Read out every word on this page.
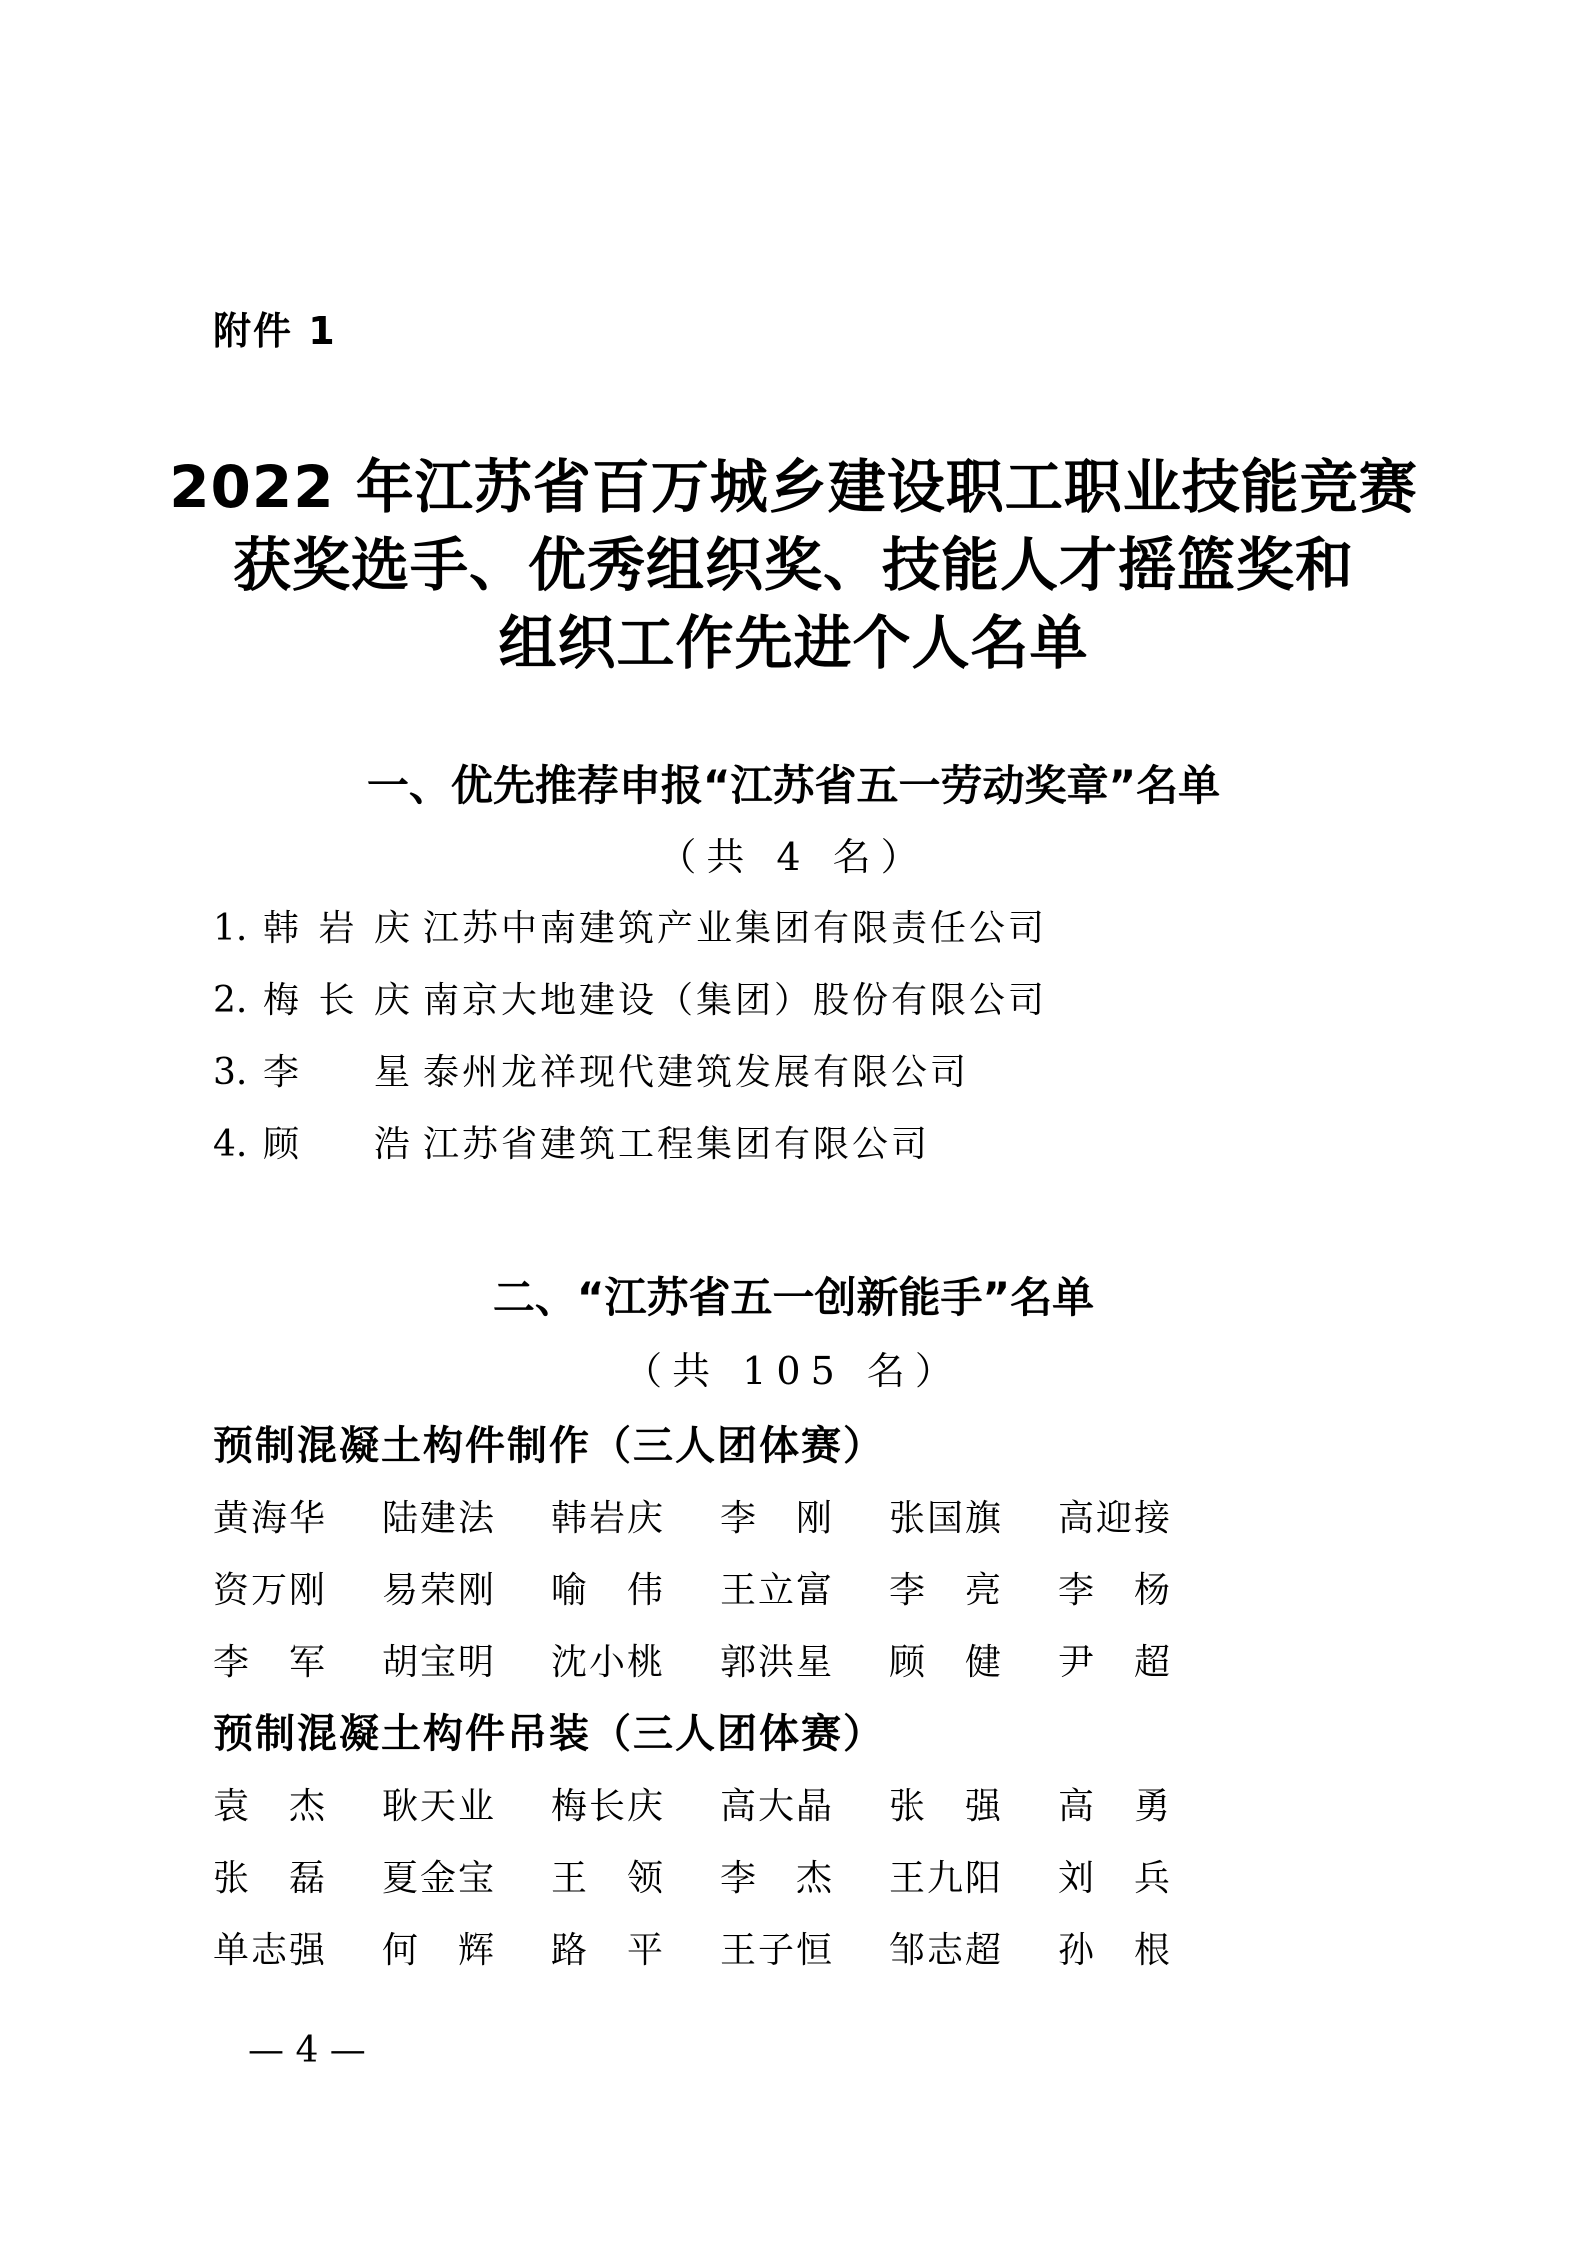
附件 1
2022 年江苏省百万城乡建设职工职业技能竞赛
获奖选手、优秀组织奖、技能人才摇篮奖和
组织工作先进个人名单
一、优先推荐申报“江苏省五一劳动奖章”名单
（共 4 名）
1. 韩岩庆 江苏中南建筑产业集团有限责任公司
2. 梅长庆 南京大地建设（集团）股份有限公司
3. 李 星 泰州龙祥现代建筑发展有限公司
4. 顾 浩 江苏省建筑工程集团有限公司
二、“江苏省五一创新能手”名单
（共 105 名）
预制混凝土构件制作（三人团体赛）
黄海华 陆建法 韩岩庆 李 刚 张国旗 高迎接
资万刚 易荣刚 喻 伟 王立富 李 亮 李 杨
李 军 胡宝明 沈小桃 郭洪星 顾 健 尹 超
预制混凝土构件吊装（三人团体赛）
袁 杰 耿天业 梅长庆 高大晶 张 强 高 勇
张 磊 夏金宝 王 领 李 杰 王九阳 刘 兵
单志强 何 辉 路 平 王子恒 邹志超 孙 根
— 4 —
